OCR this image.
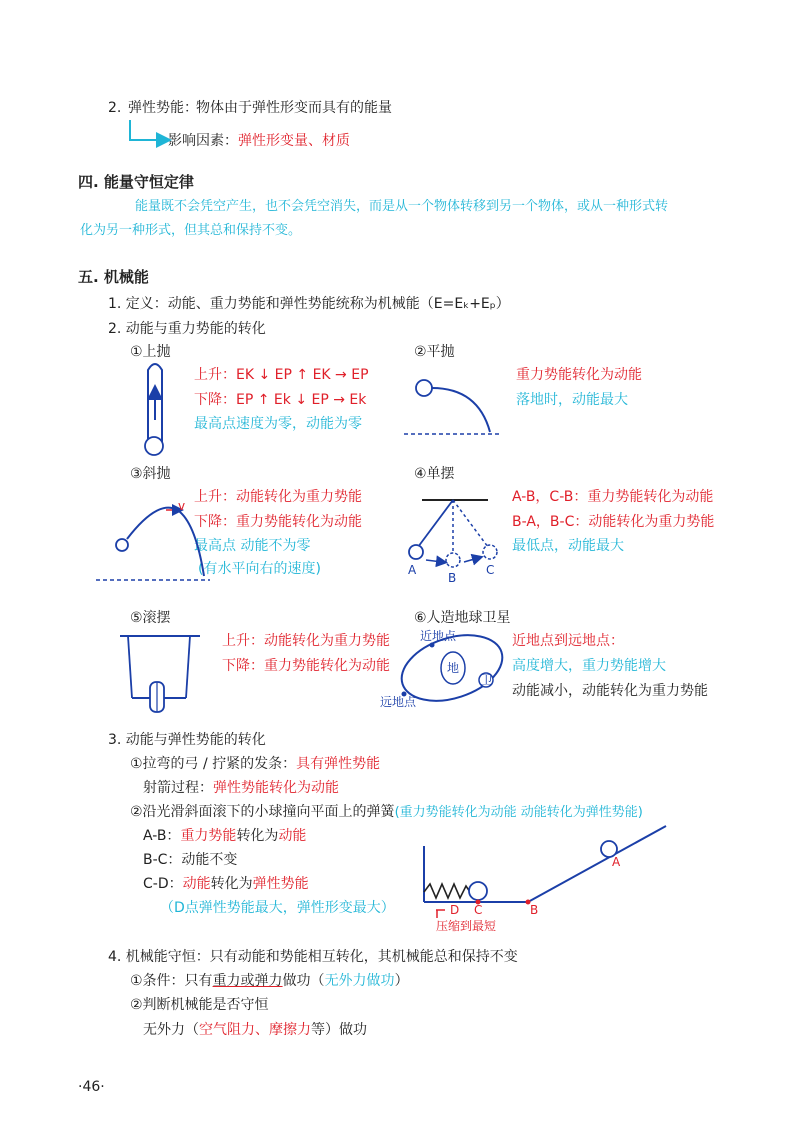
2. 弹性势能：
物体由于弹性形变而具有的能量
影响因素： 弹性形变量、材质
四. 能量守恒定律
能量既不会凭空产生，也不会凭空消失，而是从一个物体转移到另一个物体，或从一种形式转
化为另一种形式，但其总和保持不变。
五. 机械能
1. 定义：动能、重力势能和弹性势能统称为机械能（E=Eₖ+Eₚ）
2. 动能与重力势能的转化
①上抛
上升：EK ↓ EP ↑ EK → EP
下降：EP ↑ Ek ↓ EP → Ek
最高点速度为零，动能为零
②平抛
重力势能转化为动能
落地时，动能最大
③斜抛
上升：动能转化为重力势能
下降：重力势能转化为动能
最高点 动能不为零
(有水平向右的速度)
④单摆
A-B，C-B：重力势能转化为动能
B-A，B-C：动能转化为重力势能
最低点，动能最大
⑤滚摆
上升：动能转化为重力势能
下降：重力势能转化为动能
⑥人造地球卫星
近地点到远地点：
高度增大，重力势能增大
动能减小，动能转化为重力势能
3. 动能与弹性势能的转化
①拉弯的弓 / 拧紧的发条：具有弹性势能
射箭过程：弹性势能转化为动能
②沿光滑斜面滚下的小球撞向平面上的弹簧(重力势能转化为动能 动能转化为弹性势能)
A-B：重力势能转化为动能
B-C：动能不变
C-D：动能转化为弹性势能
（D点弹性势能最大，弹性形变最大）
4. 机械能守恒：只有动能和势能相互转化，其机械能总和保持不变
①条件：只有重力或弹力做功（无外力做功）
②判断机械能是否守恒
无外力（空气阻力、摩擦力等）做功
·46·
v
A
B
C
地
卫
近地点
远地点
A
B
C
D
压缩到最短
